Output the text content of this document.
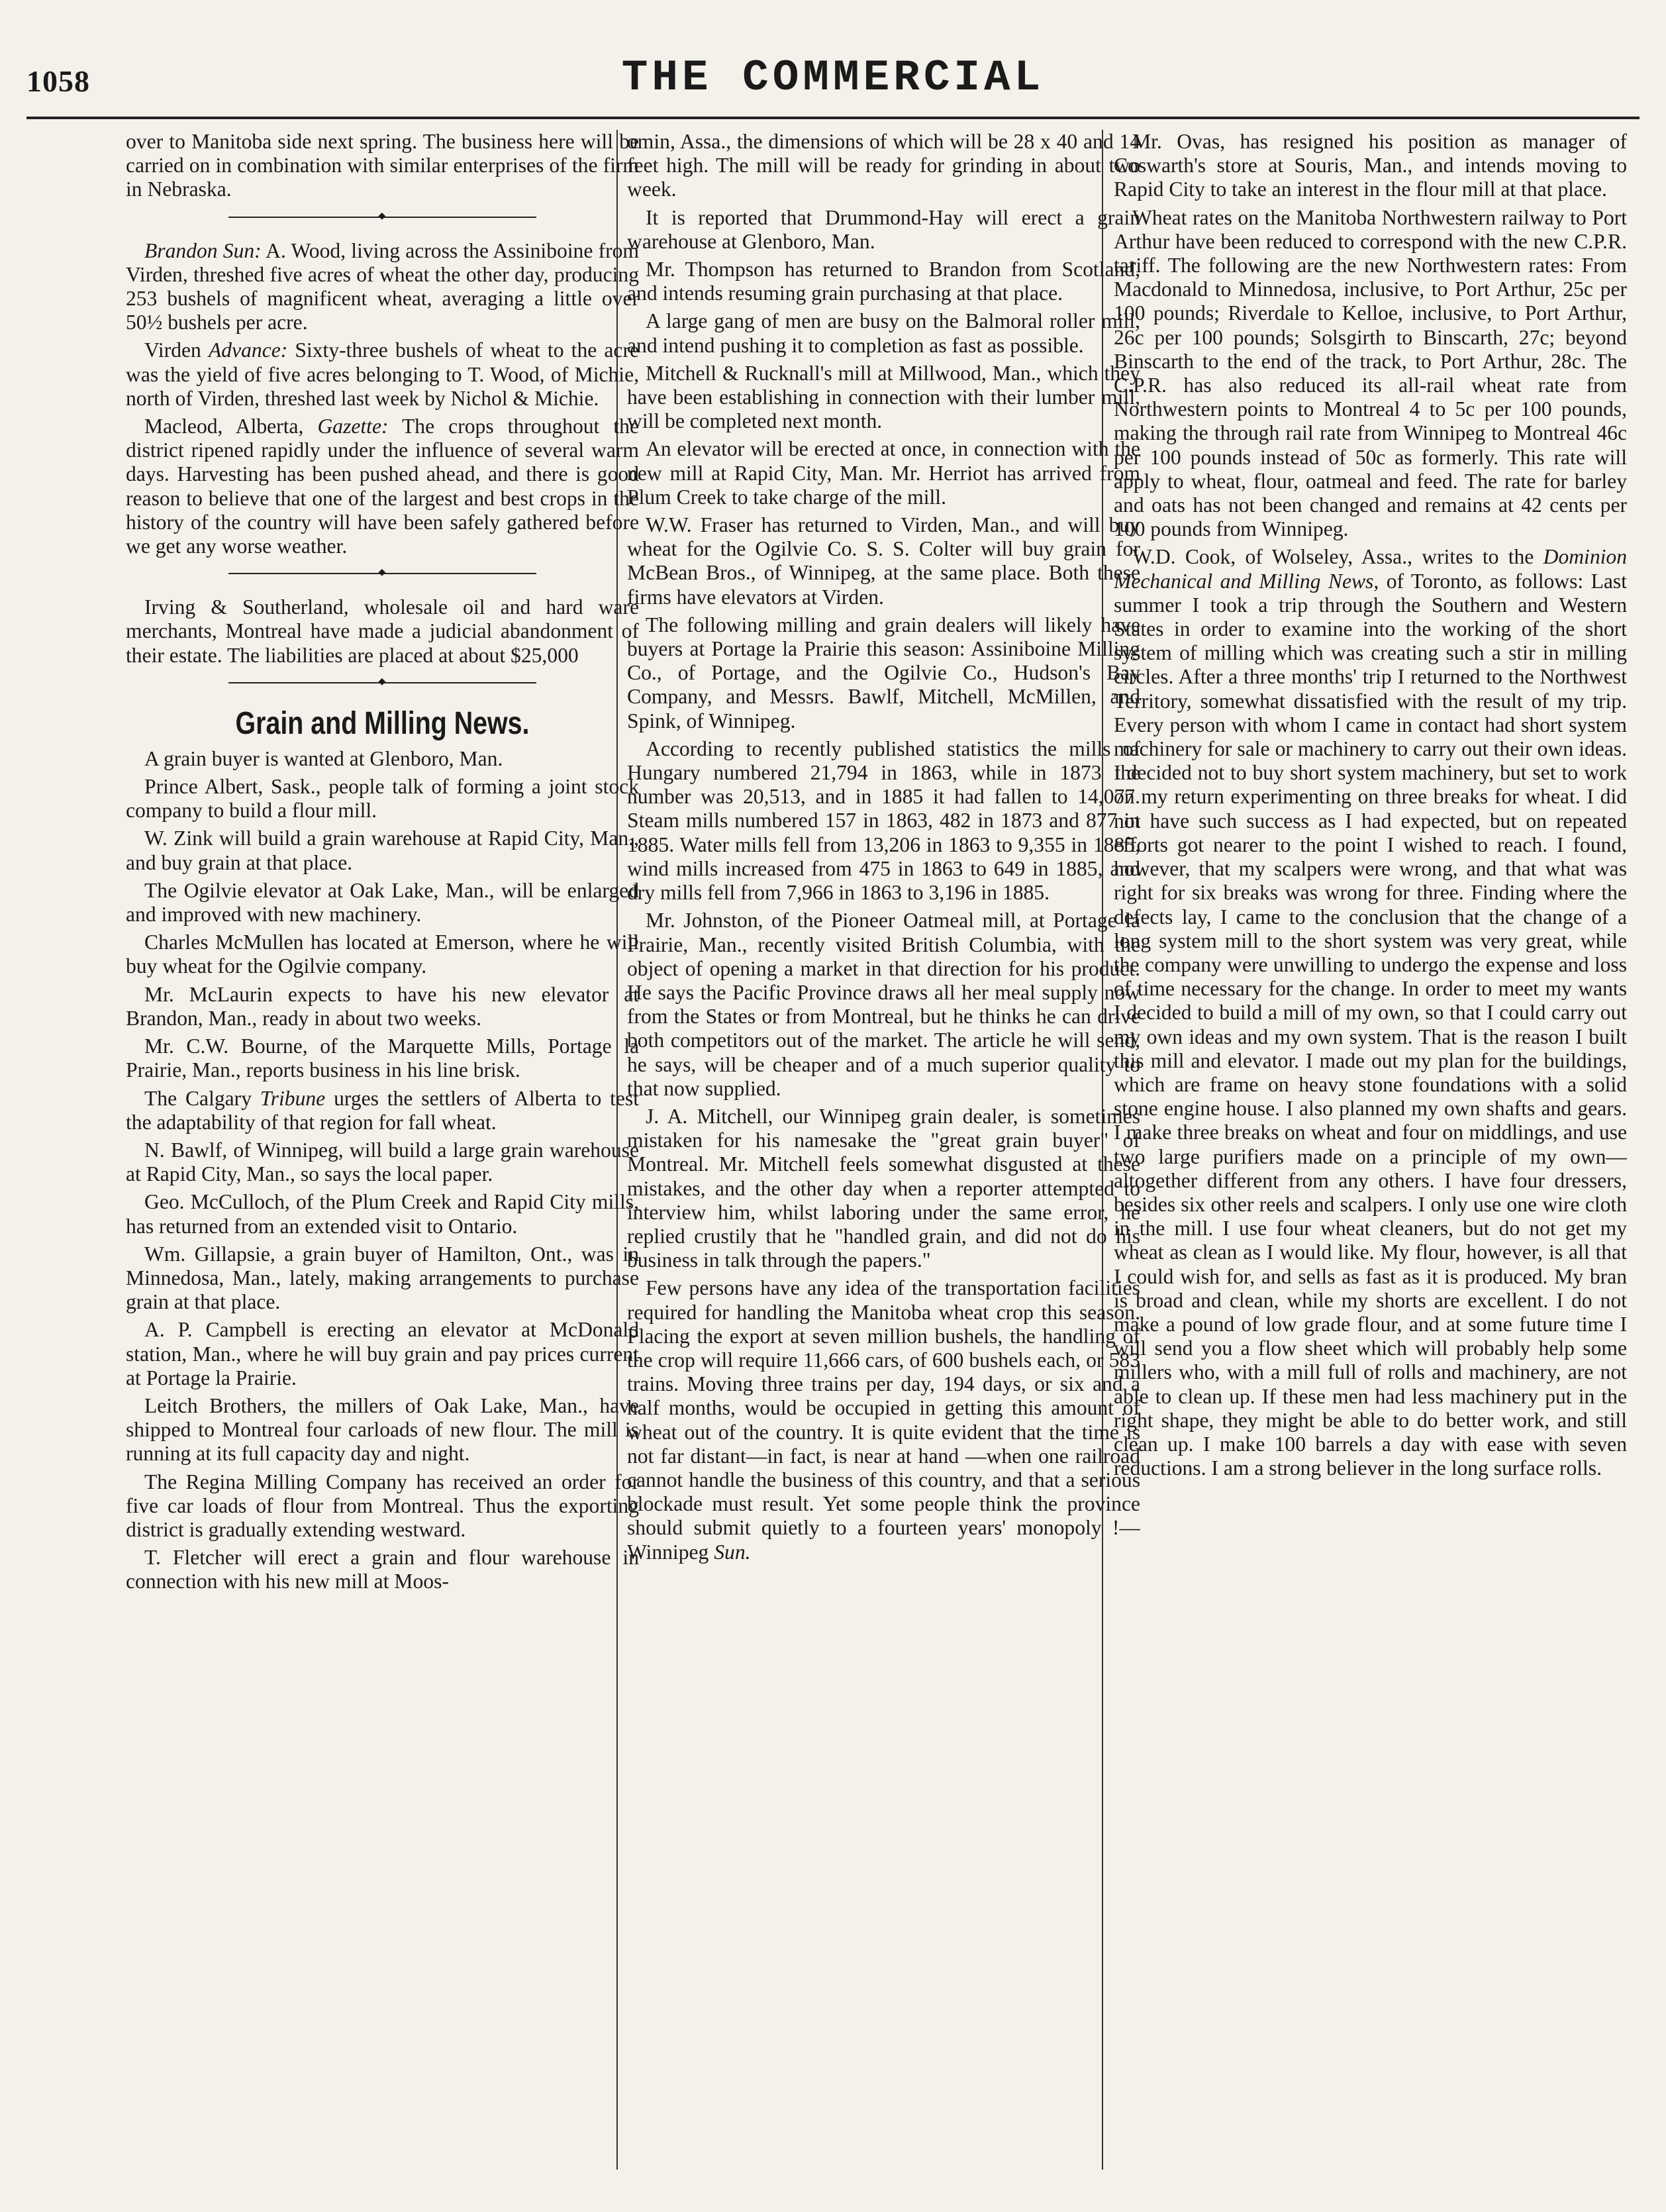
1058	THE COMMERCIAL

over to Manitoba side next spring. The business here will be carried on in combination with similar enterprises of the firm in Nebraska.

◆

Brandon Sun: A. Wood, living across the Assiniboine from Virden, threshed five acres of wheat the other day, producing 253 bushels of magnificent wheat, averaging a little over 50½ bushels per acre.

Virden Advance: Sixty-three bushels of wheat to the acre was the yield of five acres belonging to T. Wood, of Michie, north of Virden, threshed last week by Nichol & Michie.

Macleod, Alberta, Gazette: The crops throughout the district ripened rapidly under the influence of several warm days. Harvesting has been pushed ahead, and there is good reason to believe that one of the largest and best crops in the history of the country will have been safely gathered before we get any worse weather.

◆

Irving & Southerland, wholesale oil and hard ware merchants, Montreal have made a judicial abandonment of their estate. The liabilities are placed at about $25,000

◆
Grain and Milling News.

A grain buyer is wanted at Glenboro, Man.

Prince Albert, Sask., people talk of forming a joint stock company to build a flour mill.

W. Zink will build a grain warehouse at Rapid City, Man., and buy grain at that place.

The Ogilvie elevator at Oak Lake, Man., will be enlarged and improved with new machinery.

Charles McMullen has located at Emerson, where he will buy wheat for the Ogilvie company.

Mr. McLaurin expects to have his new elevator at Brandon, Man., ready in about two weeks.

Mr. C.W. Bourne, of the Marquette Mills, Portage la Prairie, Man., reports business in his line brisk.

The Calgary Tribune urges the settlers of Alberta to test the adaptability of that region for fall wheat.

N. Bawlf, of Winnipeg, will build a large grain warehouse at Rapid City, Man., so says the local paper.

Geo. McCulloch, of the Plum Creek and Rapid City mills, has returned from an extended visit to Ontario.

Wm. Gillapsie, a grain buyer of Hamilton, Ont., was in Minnedosa, Man., lately, making arrangements to purchase grain at that place.

A. P. Campbell is erecting an elevator at McDonald station, Man., where he will buy grain and pay prices current at Portage la Prairie.

Leitch Brothers, the millers of Oak Lake, Man., have shipped to Montreal four carloads of new flour. The mill is running at its full capacity day and night.

The Regina Milling Company has received an order for five car loads of flour from Montreal. Thus the exporting district is gradually extending westward.

T. Fletcher will erect a grain and flour warehouse in connection with his new mill at Moos-

omin, Assa., the dimensions of which will be 28 x 40 and 14 feet high. The mill will be ready for grinding in about two week.

It is reported that Drummond-Hay will erect a grain warehouse at Glenboro, Man.

Mr. Thompson has returned to Brandon from Scotland, and intends resuming grain purchasing at that place.

A large gang of men are busy on the Balmoral roller mill, and intend pushing it to completion as fast as possible.

Mitchell & Rucknall's mill at Millwood, Man., which they have been establishing in connection with their lumber mill, will be completed next month.

An elevator will be erected at once, in connection with the new mill at Rapid City, Man. Mr. Herriot has arrived from Plum Creek to take charge of the mill.

W.W. Fraser has returned to Virden, Man., and will buy wheat for the Ogilvie Co. S. S. Colter will buy grain for McBean Bros., of Winnipeg, at the same place. Both these firms have elevators at Virden.

The following milling and grain dealers will likely have buyers at Portage la Prairie this season: Assiniboine Milling Co., of Portage, and the Ogilvie Co., Hudson's Bay Company, and Messrs. Bawlf, Mitchell, McMillen, and Spink, of Winnipeg.

According to recently published statistics the mills of Hungary numbered 21,794 in 1863, while in 1873 the number was 20,513, and in 1885 it had fallen to 14,077. Steam mills numbered 157 in 1863, 482 in 1873 and 877 in 1885. Water mills fell from 13,206 in 1863 to 9,355 in 1885, wind mills increased from 475 in 1863 to 649 in 1885, and dry mills fell from 7,966 in 1863 to 3,196 in 1885.

Mr. Johnston, of the Pioneer Oatmeal mill, at Portage la Prairie, Man., recently visited British Columbia, with the object of opening a market in that direction for his product. He says the Pacific Province draws all her meal supply now from the States or from Montreal, but he thinks he can drive both competitors out of the market. The article he will send, he says, will be cheaper and of a much superior quality to that now supplied.

J. A. Mitchell, our Winnipeg grain dealer, is sometimes mistaken for his namesake the "great grain buyer" of Montreal. Mr. Mitchell feels somewhat disgusted at these mistakes, and the other day when a reporter attempted to interview him, whilst laboring under the same error, he replied crustily that he "handled grain, and did not do his business in talk through the papers."

Few persons have any idea of the transportation facilities required for handling the Manitoba wheat crop this season. Placing the export at seven million bushels, the handling of the crop will require 11,666 cars, of 600 bushels each, or 583 trains. Moving three trains per day, 194 days, or six and a half months, would be occupied in getting this amount of wheat out of the country. It is quite evident that the time is not far distant—in fact, is near at hand —when one railroad cannot handle the business of this country, and that a serious blockade must result. Yet some people think the province should submit quietly to a fourteen years' monopoly !—Winnipeg Sun.

Mr. Ovas, has resigned his position as manager of Coswarth's store at Souris, Man., and intends moving to Rapid City to take an interest in the flour mill at that place.

Wheat rates on the Manitoba Northwestern railway to Port Arthur have been reduced to correspond with the new C.P.R. tariff. The following are the new Northwestern rates: From Macdonald to Minnedosa, inclusive, to Port Arthur, 25c per 100 pounds; Riverdale to Kelloe, inclusive, to Port Arthur, 26c per 100 pounds; Solsgirth to Binscarth, 27c; beyond Binscarth to the end of the track, to Port Arthur, 28c. The C.P.R. has also reduced its all-rail wheat rate from Northwestern points to Montreal 4 to 5c per 100 pounds, making the through rail rate from Winnipeg to Montreal 46c per 100 pounds instead of 50c as formerly. This rate will apply to wheat, flour, oatmeal and feed. The rate for barley and oats has not been changed and remains at 42 cents per 100 pounds from Winnipeg.

W.D. Cook, of Wolseley, Assa., writes to the Dominion Mechanical and Milling News, of Toronto, as follows: Last summer I took a trip through the Southern and Western States in order to examine into the working of the short system of milling which was creating such a stir in milling circles. After a three months' trip I returned to the Northwest Territory, somewhat dissatisfied with the result of my trip. Every person with whom I came in contact had short system machinery for sale or machinery to carry out their own ideas. I decided not to buy short system machinery, but set to work on my return experimenting on three breaks for wheat. I did not have such success as I had expected, but on repeated efforts got nearer to the point I wished to reach. I found, however, that my scalpers were wrong, and that what was right for six breaks was wrong for three. Finding where the defects lay, I came to the conclusion that the change of a long system mill to the short system was very great, while the company were unwilling to undergo the expense and loss of time necessary for the change. In order to meet my wants I decided to build a mill of my own, so that I could carry out my own ideas and my own system. That is the reason I built this mill and elevator. I made out my plan for the buildings, which are frame on heavy stone foundations with a solid stone engine house. I also planned my own shafts and gears. I make three breaks on wheat and four on middlings, and use two large purifiers made on a principle of my own—altogether different from any others. I have four dressers, besides six other reels and scalpers. I only use one wire cloth in the mill. I use four wheat cleaners, but do not get my wheat as clean as I would like. My flour, however, is all that I could wish for, and sells as fast as it is produced. My bran is broad and clean, while my shorts are excellent. I do not make a pound of low grade flour, and at some future time I will send you a flow sheet which will probably help some millers who, with a mill full of rolls and machinery, are not able to clean up. If these men had less machinery put in the right shape, they might be able to do better work, and still clean up. I make 100 barrels a day with ease with seven reductions. I am a strong believer in the long surface rolls.
